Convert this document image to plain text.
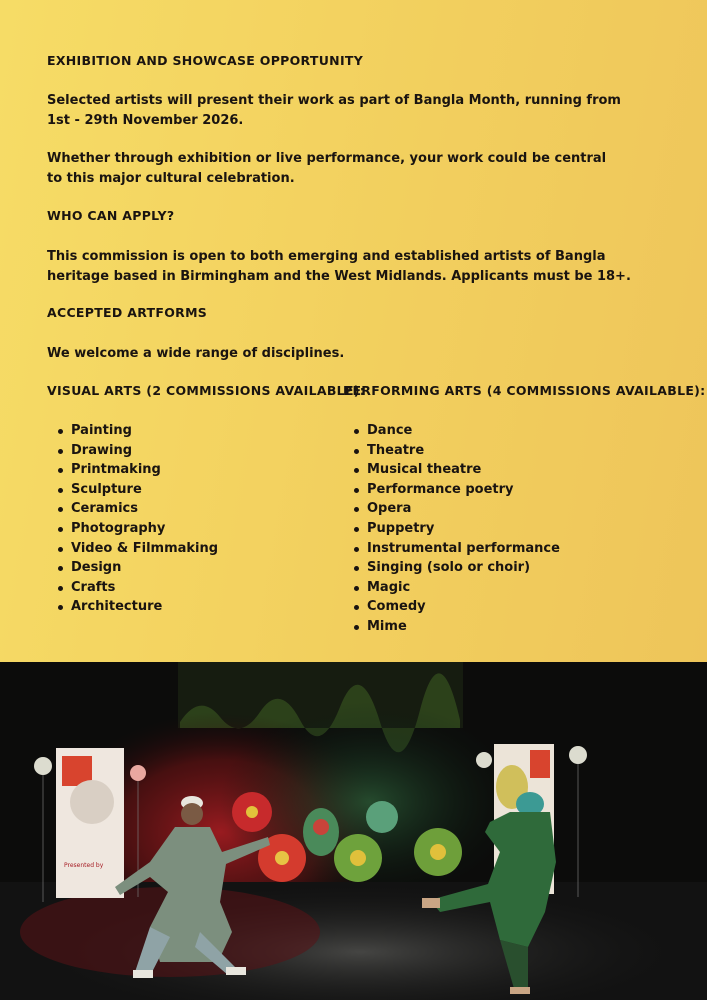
EXHIBITION AND SHOWCASE OPPORTUNITY

Selected artists will present their work as part of Bangla Month, running from 1st - 29th November 2026.

Whether through exhibition or live performance, your work could be central to this major cultural celebration.

WHO CAN APPLY?

This commission is open to both emerging and established artists of Bangla heritage based in Birmingham and the West Midlands. Applicants must be 18+.

ACCEPTED ARTFORMS

We welcome a wide range of disciplines.

VISUAL ARTS (2 COMMISSIONS AVAILABLE):
PERFORMING ARTS (4 COMMISSIONS AVAILABLE):
Painting
Drawing
Printmaking
Sculpture
Ceramics
Photography
Video & Filmmaking
Design
Crafts
Architecture
Dance
Theatre
Musical theatre
Performance poetry
Opera
Puppetry
Instrumental performance
Singing (solo or choir)
Magic
Comedy
Mime
Presented by
